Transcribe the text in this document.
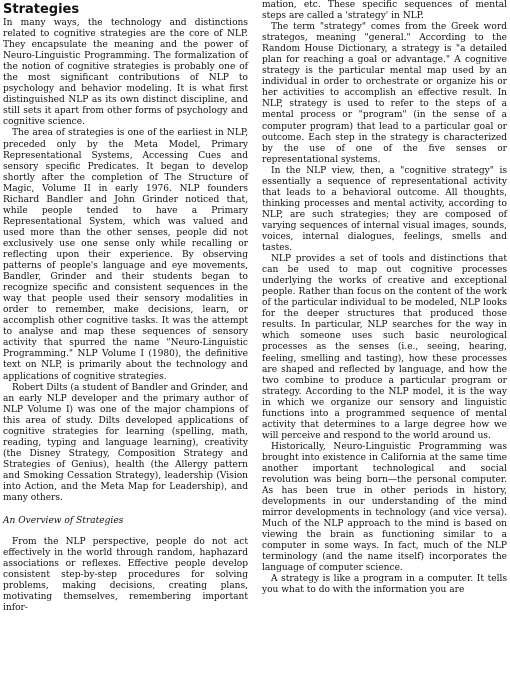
Strategies

In many ways, the technology and distinctions related to cognitive strategies are the core of NLP. They encapsulate the meaning and the power of Neuro-Linguistic Programming. The formalization of the notion of cognitive strategies is probably one of the most significant contributions of NLP to psychology and behavior modeling. It is what first distinguished NLP as its own distinct discipline, and still sets it apart from other forms of psychology and cognitive science.

The area of strategies is one of the earliest in NLP, preceded only by the Meta Model, Primary Representational Systems, Accessing Cues and sensory specific Predicates. It began to develop shortly after the completion of The Structure of Magic, Volume II in early 1976. NLP founders Richard Bandler and John Grinder noticed that, while people tended to have a Primary Representational System, which was valued and used more than the other senses, people did not exclusively use one sense only while recalling or reflecting upon their experience. By observing patterns of people's language and eye movements, Bandler, Grinder and their students began to recognize specific and consistent sequences in the way that people used their sensory modalities in order to remember, make decisions, learn, or accomplish other cognitive tasks. It was the attempt to analyse and map these sequences of sensory activity that spurred the name "Neuro-Linguistic Programming." NLP Volume I (1980), the definitive text on NLP, is primarily about the technology and applications of cognitive strategies.

Robert Dilts (a student of Bandler and Grinder, and an early NLP developer and the primary author of NLP Volume I) was one of the major champions of this area of study. Dilts developed applications of cognitive strategies for learning (spelling, math, reading, typing and language learning), creativity (the Disney Strategy, Composition Strategy and Strategies of Genius), health (the Allergy pattern and Smoking Cessation Strategy), leadership (Vision into Action, and the Meta Map for Leadership), and many others.

An Overview of Strategies

From the NLP perspective, people do not act effectively in the world through random, haphazard associations or reflexes. Effective people develop consistent step-by-step procedures for solving problems, making decisions, creating plans, motivating themselves, remembering important infor-

mation, etc. These specific sequences of mental steps are called a 'strategy' in NLP.

The term "strategy" comes from the Greek word strategos, meaning "general." According to the Random House Dictionary, a strategy is "a detailed plan for reaching a goal or advantage." A cognitive strategy is the particular mental map used by an individual in order to orchestrate or organize his or her activities to accomplish an effective result. In NLP, strategy is used to refer to the steps of a mental process or "program" (in the sense of a computer program) that lead to a particular goal or outcome. Each step in the strategy is characterized by the use of one of the five senses or representational systems.

In the NLP view, then, a "cognitive strategy" is essentially a sequence of representational activity that leads to a behavioral outcome. All thoughts, thinking processes and mental activity, according to NLP, are such strategies; they are composed of varying sequences of internal visual images, sounds, voices, internal dialogues, feelings, smells and tastes.

NLP provides a set of tools and distinctions that can be used to map out cognitive processes underlying the works of creative and exceptional people. Rather than focus on the content of the work of the particular individual to be modeled, NLP looks for the deeper structures that produced those results. In particular, NLP searches for the way in which someone uses such basic neurological processes as the senses (i.e., seeing, hearing, feeling, smelling and tasting), how these processes are shaped and reflected by language, and how the two combine to produce a particular program or strategy. According to the NLP model, it is the way in which we organize our sensory and linguistic functions into a programmed sequence of mental activity that determines to a large degree how we will perceive and respond to the world around us.

Historically, Neuro-Linguistic Programming was brought into existence in California at the same time another important technological and social revolution was being born—the personal computer. As has been true in other periods in history, developments in our understanding of the mind mirror developments in technology (and vice versa). Much of the NLP approach to the mind is based on viewing the brain as functioning similar to a computer in some ways. In fact, much of the NLP terminology (and the name itself) incorporates the language of computer science.

A strategy is like a program in a computer. It tells you what to do with the information you are
